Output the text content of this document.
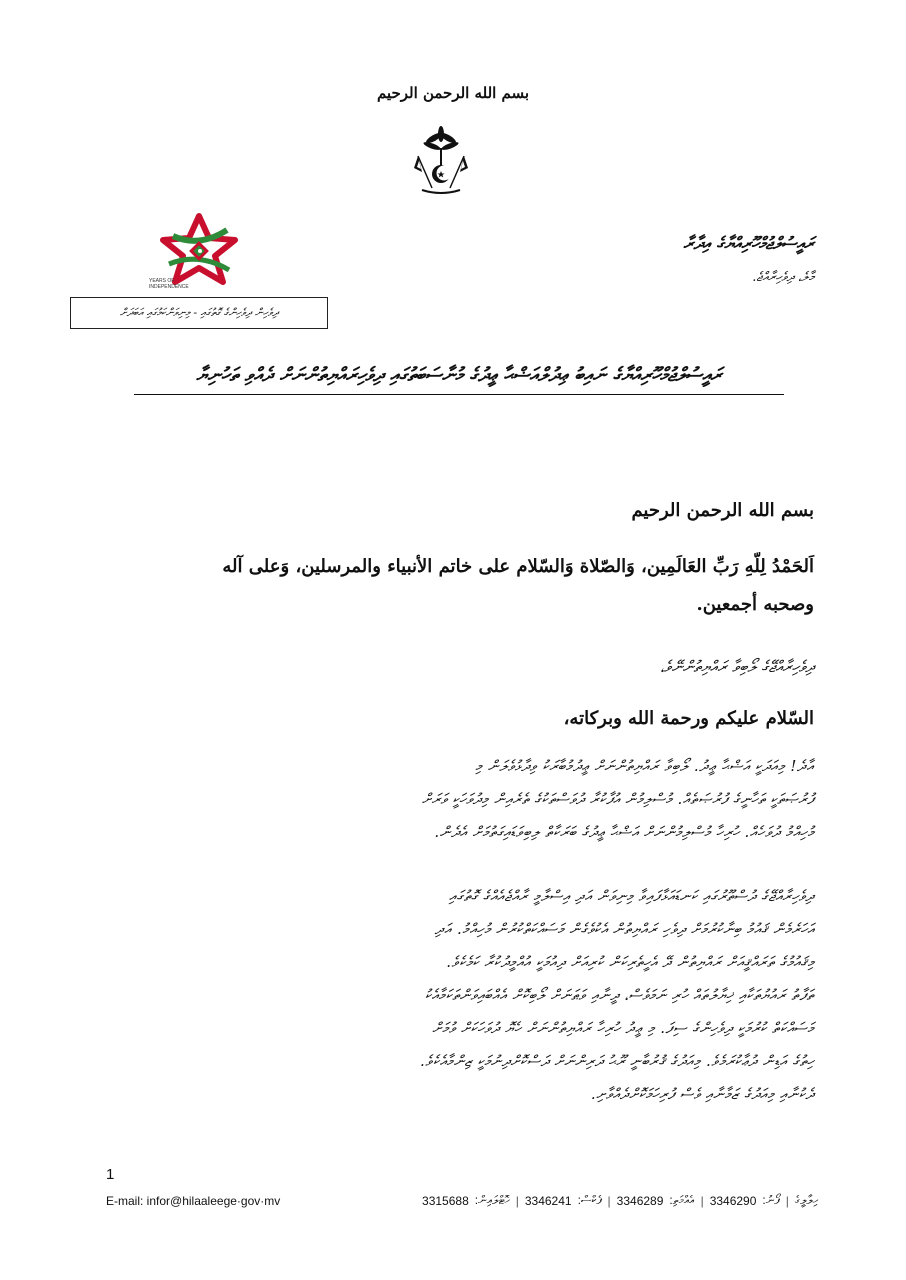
بسم الله الرحمن الرحيم
YEARS OF
INDEPENDENCE
ރައީސުލްޖުމްހޫރިއްޔާގެ އިދާރާ
މާލެ، ދިވެހިރާއްޖެ.
ދިވެހިން ދިވެހިންގެ ގޮތުގައި - މިނިވަންކަމުގައި އަބަދަށް
ރައީސުލްޖުމްހޫރިއްޔާގެ ނައިބު ޢިދުލްއަޟްޙާ ޢީދުގެ މުނާސަބަތުގައި ދިވެހިރައްޔިތުންނަށް ދެއްވި ތަހުނިޔާ
بسم الله الرحمن الرحيم
اَلحَمْدُ لِلّهِ رَبِّ العَالَمِين، وَالصّلاة وَالسّلام على خاتم الأنبياء والمرسلين، وَعلى آله
وصحبه أجمعين.
ދިވެހިރާއްޖޭގެ ލޯބިވާ ރައްޔިތުންނޭވެ،
السّلام عليكم ورحمة الله وبركاته،
އާދެ! މިއަދަކީ އަޟްޙާ ޢީދު. ލޯބިވާ ރައްޔިތުންނަށް ޢީދުމުބާރަކު ވިދާޅުވެލަން މި
ފުރުޞަތަކީ ތަހާނީގެ ފުރުޞަތެއް. މުސްލިމުން އުފާކުރާ ދުވަސްތަކުގެ ތެރެއިން މިދުވަހަކީ ވަރަށް
މުހިއްމު ދުވަހެއް. ހުރިހާ މުސްލިމުންނަށް އަޟްޙާ ޢީދުގެ ބަރަކާތް ލިބިވަޑައިގަތުމަށް އެދެން.
ދިވެހިރާއްޖޭގެ ދުސްތޫރުގައި ކަނޑައަޅާފައިވާ މިނިވަން އަދި އިސްލާމީ ރާއްޖެއެއްގެ ގޮތުގައި
އަހަރެމެން ޤައުމު ބިނާކުރުމަށް ދިވެހި ރައްޔިތުން އެކުވެގެން މަސައްކަތްކުރުން މުހިއްމު. އަދި
މިޤައުމުގެ ތަރައްޤީއަށް ރައްޔިތުން ދޭ އެހީތެރިކަން ކުރިއަށް ދިއުމަކީ އުއްމީދުކުރާ ކަމެކެވެ.
ތަފާތު ރައުޔުތަކާއި ޚިޔާލުތައް ހުރި ނަމަވެސް، ދީނާއި ވަޠަނަށް ލޯބިކޮށް އެއްބައިވަންތަކަމާއެކު
މަސައްކަތް ކުރުމަކީ ދިވެހިންގެ ސިފަ. މި ޢީދު ހުރިހާ ރައްޔިތުންނަށް ހެޔޮ ދުވަހަކަށް ވުމަށް
ހިތުގެ އަޑިން ދުޢާކުރަމެވެ. މިއަދުގެ ޤުރުބާނީ ރޫޙު ދަރިންނަށް ދަސްކޮށްދިނުމަކީ ޒިންމާއެކެވެ.
ދެކުނާއި މިއަދުގެ ޒަމާނާއި ވެސް ފުރިހަމަކޮށްދެއްވާށި.
1
E-mail: infor@hilaaleege·gov·mv	ހިލާލީގެ
|
ފޯނު:
3346290
|
އެއްމަތި:
3346289
|
ފެކްސް:
3346241
|
ހޮޓްލައިން:
3315688
